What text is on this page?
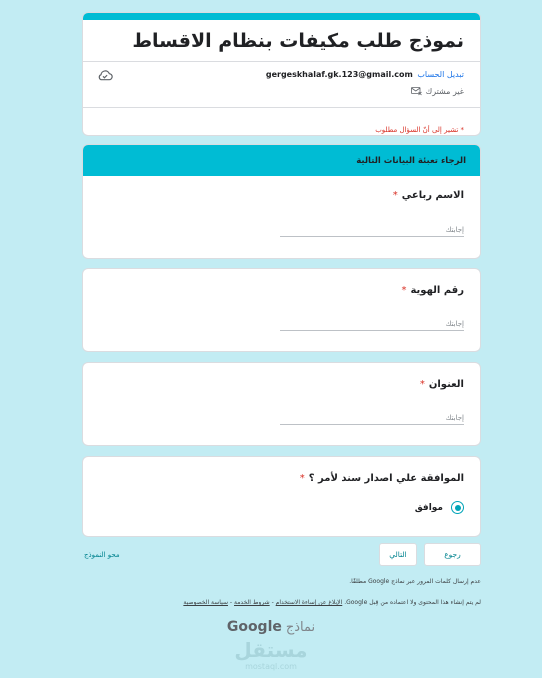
نموذج طلب مكيفات بنظام الاقساط
gergeskhalaf.gk.123@gmail.com تبديل الحساب
غير مشترك
* تشير إلى أنّ السؤال مطلوب
الرجاء تعبئة البيانات التالية
الاسم رباعي*
إجابتك
رقم الهوية*
إجابتك
العنوان*
إجابتك
الموافقة علي اصدار سند لأمر ؟*
موافق
رجوع
التالي
محو النموذج
عدم إرسال كلمات المرور عبر نماذج Google مطلقًا.
لم يتم إنشاء هذا المحتوى ولا اعتماده من قِبل Google. الإبلاغ عن إساءة الاستخدام - شروط الخدمة - سياسة الخصوصية
Google نماذج
مستقل
mostaql.com
